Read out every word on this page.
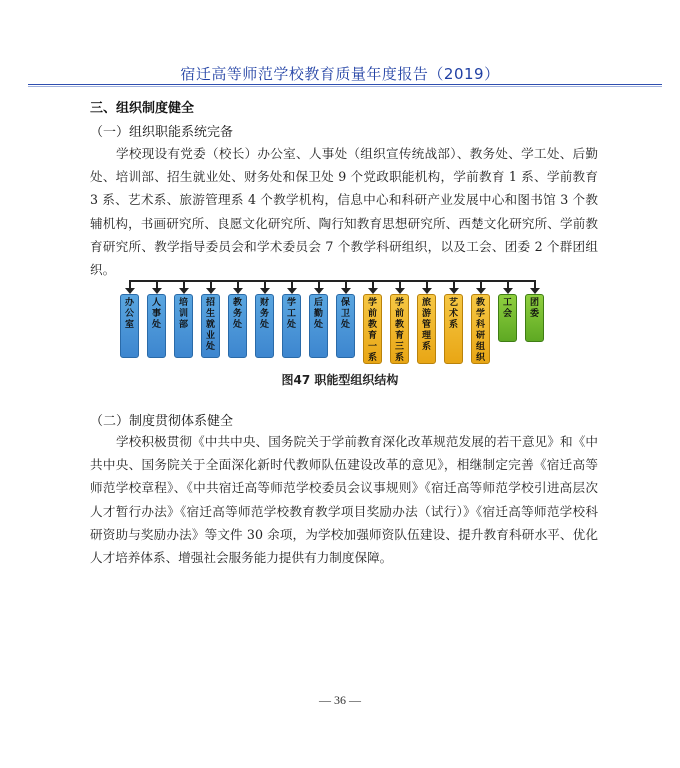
宿迁高等师范学校教育质量年度报告（2019）
三、组织制度健全
（一）组织职能系统完备

学校现设有党委（校长）办公室、人事处（组织宣传统战部）、教务处、学工处、后勤处、培训部、招生就业处、财务处和保卫处 9 个党政职能机构，学前教育 1 系、学前教育 3 系、艺术系、旅游管理系 4 个教学机构，信息中心和科研产业发展中心和图书馆 3 个教辅机构，书画研究所、良愿文化研究所、陶行知教育思想研究所、西楚文化研究所、学前教育研究所、教学指导委员会和学术委员会 7 个教学科研组织，以及工会、团委 2 个群团组织。

办
公
室
人
事
处
培
训
部
招
生
就
业
处
教
务
处
财
务
处
学
工
处
后
勤
处
保
卫
处
学
前
教
育
一
系
学
前
教
育
三
系
旅
游
管
理
系
艺
术
系
教
学
科
研
组
织
工
会
团
委
图47 职能型组织结构
（二）制度贯彻体系健全

学校积极贯彻《中共中央、国务院关于学前教育深化改革规范发展的若干意见》和《中共中央、国务院关于全面深化新时代教师队伍建设改革的意见》，相继制定完善《宿迁高等师范学校章程》、《中共宿迁高等师范学校委员会议事规则》《宿迁高等师范学校引进高层次人才暂行办法》《宿迁高等师范学校教育教学项目奖励办法（试行）》《宿迁高等师范学校科研资助与奖励办法》等文件 30 余项，为学校加强师资队伍建设、提升教育科研水平、优化人才培养体系、增强社会服务能力提供有力制度保障。

— 36 —
